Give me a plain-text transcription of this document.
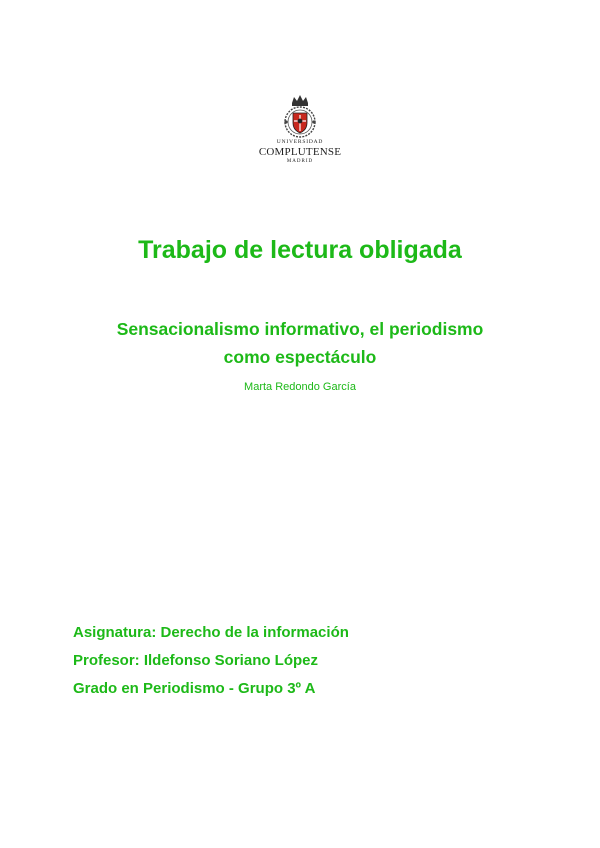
UNIVERSIDAD
COMPLUTENSE
MADRID
Trabajo de lectura obligada
Sensacionalismo informativo, el periodismo
como espectáculo

Marta Redondo García

Asignatura: Derecho de la información
Profesor: Ildefonso Soriano López
Grado en Periodismo - Grupo 3º A
